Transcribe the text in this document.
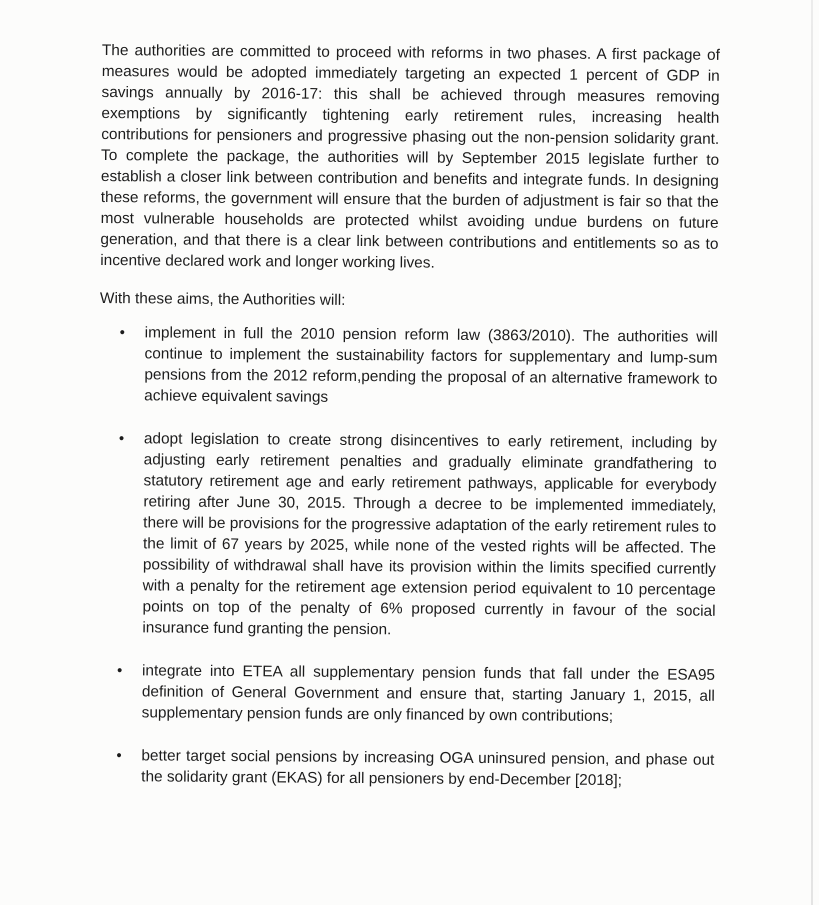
The authorities are committed to proceed with reforms in two phases. A first package of measures would be adopted immediately targeting an expected 1 percent of GDP in savings annually by 2016-17: this shall be achieved through measures removing exemptions by significantly tightening early retirement rules, increasing health contributions for pensioners and progressive phasing out the non-pension solidarity grant. To complete the package, the authorities will by September 2015 legislate further to establish a closer link between contribution and benefits and integrate funds. In designing these reforms, the government will ensure that the burden of adjustment is fair so that the most vulnerable households are protected whilst avoiding undue burdens on future generation, and that there is a clear link between contributions and entitlements so as to incentive declared work and longer working lives.

With these aims, the Authorities will:

• implement in full the 2010 pension reform law (3863/2010). The authorities will continue to implement the sustainability factors for supplementary and lump-sum pensions from the 2012 reform,pending the proposal of an alternative framework to achieve equivalent savings
• adopt legislation to create strong disincentives to early retirement, including by adjusting early retirement penalties and gradually eliminate grandfathering to statutory retirement age and early retirement pathways, applicable for everybody retiring after June 30, 2015. Through a decree to be implemented immediately, there will be provisions for the progressive adaptation of the early retirement rules to the limit of 67 years by 2025, while none of the vested rights will be affected. The possibility of withdrawal shall have its provision within the limits specified currently with a penalty for the retirement age extension period equivalent to 10 percentage points on top of the penalty of 6% proposed currently in favour of the social insurance fund granting the pension.
• integrate into ETEA all supplementary pension funds that fall under the ESA95 definition of General Government and ensure that, starting January 1, 2015, all supplementary pension funds are only financed by own contributions;
• better target social pensions by increasing OGA uninsured pension, and phase out the solidarity grant (EKAS) for all pensioners by end-December [2018];
